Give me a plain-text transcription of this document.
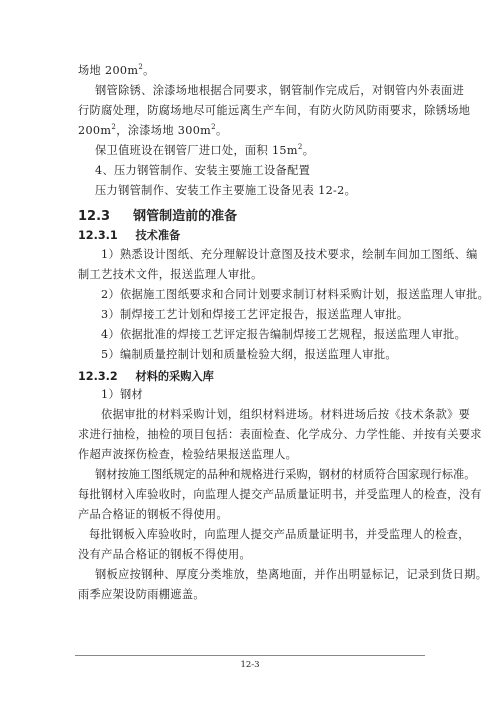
场地 $200m^2$。
钢管除锈、涂漆场地根据合同要求，钢管制作完成后，对钢管内外表面进
行防腐处理，防腐场地尽可能远离生产车间，有防火防风防雨要求，除锈场地
$200m^2$，涂漆场地 $300m^2$。
保卫值班设在钢管厂进口处，面积 $15m^2$。
4、压力钢管制作、安装主要施工设备配置
压力钢管制作、安装工作主要施工设备见表 12-2。
12.3 钢管制造前的准备
12.3.1 技术准备
1）熟悉设计图纸、充分理解设计意图及技术要求，绘制车间加工图纸、编
制工艺技术文件，报送监理人审批。
2）依据施工图纸要求和合同计划要求制订材料采购计划，报送监理人审批。
3）制焊接工艺计划和焊接工艺评定报告，报送监理人审批。
4）依据批准的焊接工艺评定报告编制焊接工艺规程，报送监理人审批。
5）编制质量控制计划和质量检验大纲，报送监理人审批。
12.3.2 材料的采购入库
1）钢材
依据审批的材料采购计划，组织材料进场。材料进场后按《技术条款》要
求进行抽检，抽检的项目包括：表面检查、化学成分、力学性能、并按有关要求
作超声波探伤检查，检验结果报送监理人。
钢材按施工图纸规定的品种和规格进行采购，钢材的材质符合国家现行标准。
每批钢材入库验收时，向监理人提交产品质量证明书，并受监理人的检查，没有
产品合格证的钢板不得使用。
每批钢板入库验收时，向监理人提交产品质量证明书，并受监理人的检查，
没有产品合格证的钢板不得使用。
钢板应按钢种、厚度分类堆放，垫离地面，并作出明显标记，记录到货日期。
雨季应架设防雨棚遮盖。
12-3
